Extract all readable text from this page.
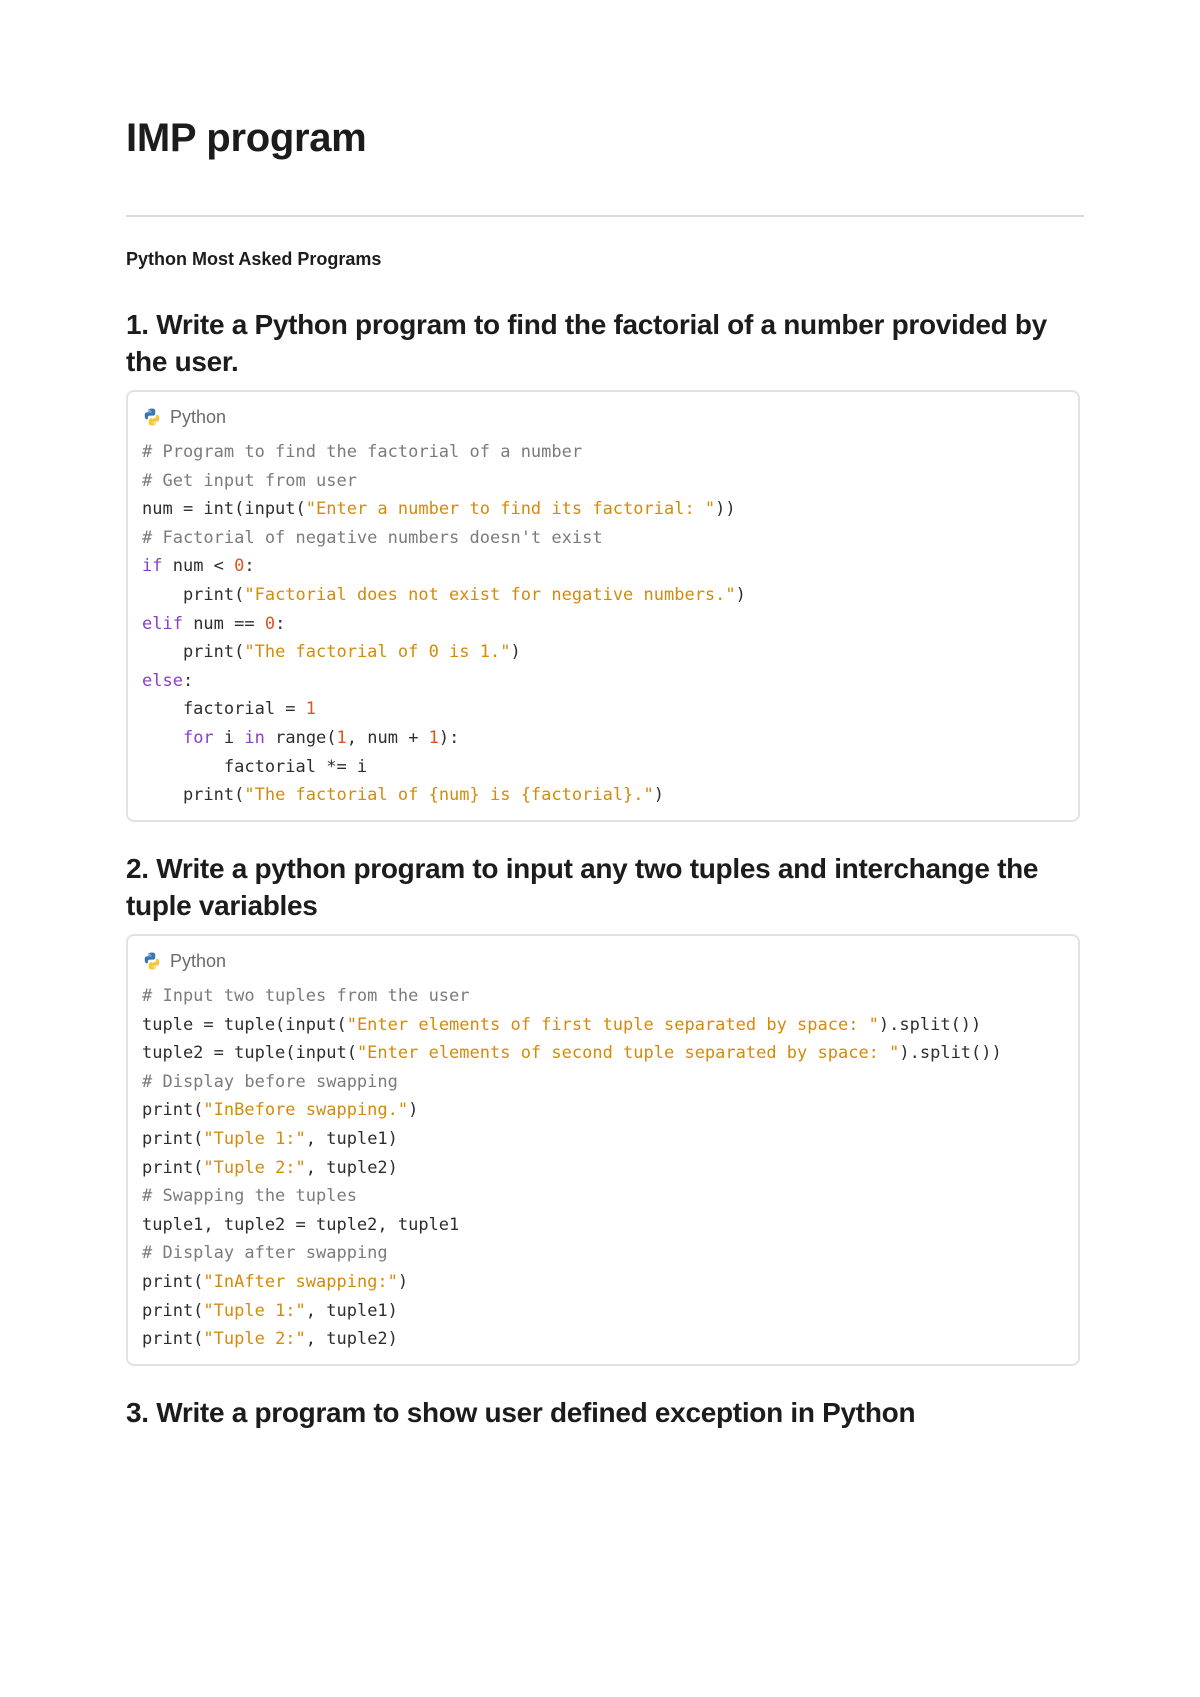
IMP program

Python Most Asked Programs

1. Write a Python program to find the factorial of a number provided by the user.
Python
# Program to find the factorial of a number
# Get input from user
num = int(input("Enter a number to find its factorial: "))
# Factorial of negative numbers doesn't exist
if num < 0:
print("Factorial does not exist for negative numbers.")
elif num == 0:
print("The factorial of 0 is 1.")
else:
factorial = 1
for i in range(1, num + 1):
factorial *= i
print("The factorial of {num} is {factorial}.")
2. Write a python program to input any two tuples and interchange the tuple variables
Python
# Input two tuples from the user
tuple = tuple(input("Enter elements of first tuple separated by space: ").split())
tuple2 = tuple(input("Enter elements of second tuple separated by space: ").split())
# Display before swapping
print("InBefore swapping.")
print("Tuple 1:", tuple1)
print("Tuple 2:", tuple2)
# Swapping the tuples
tuple1, tuple2 = tuple2, tuple1
# Display after swapping
print("InAfter swapping:")
print("Tuple 1:", tuple1)
print("Tuple 2:", tuple2)
3. Write a program to show user defined exception in Python
